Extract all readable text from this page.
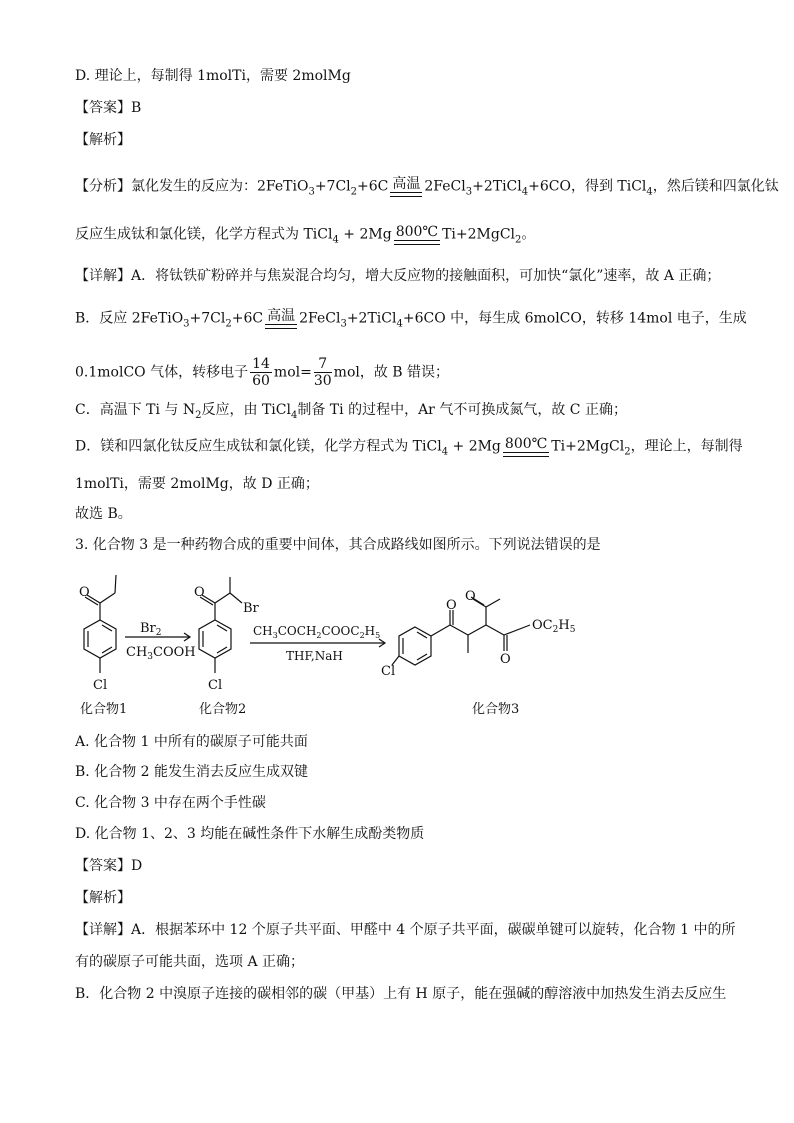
D. 理论上，每制得 1molTi，需要 2molMg
【答案】B
【解析】
【分析】氯化发生的反应为：$2FeTiO_3+7Cl_2+6C$ 高温 2FeCl$_3$+2TiCl$_4$+6CO，得到 TiCl$_4$，然后镁和四氯化钛
反应生成钛和氯化镁，化学方程式为 TiCl$_4$ + 2Mg 800℃ Ti+2MgCl$_2$。
【详解】A．将钛铁矿粉碎并与焦炭混合均匀，增大反应物的接触面积，可加快“氯化”速率，故 A 正确；
B．反应 $2FeTiO_3+7Cl_2+6C$ 高温 2FeCl$_3$+2TiCl$_4$+6CO 中，每生成 6molCO，转移 14mol 电子，生成
0.1molCO 气体，转移电子 $\frac{14}{60} mol= \frac{7}{30}$ mol，故 B 错误；
C．高温下 Ti 与 $N_2$反应，由 TiCl$_4$制备 Ti 的过程中，Ar 气不可换成氮气，故 C 正确；
D．镁和四氯化钛反应生成钛和氯化镁，化学方程式为 TiCl$_4$ + 2Mg 800℃ Ti+2MgCl$_2$，理论上，每制得
1molTi，需要 2molMg，故 D 正确；
故选 B。
3. 化合物 3 是一种药物合成的重要中间体，其合成路线如图所示。下列说法错误的是
O	O
Br
Cl	Cl
Cl
O
O
O
$OC_2H_5$
$Br_2$
$CH_3COOH$
$CH_3COCH_2COOC_2H_5$
THF,NaH
化合物1	化合物2	化合物3
A. 化合物 1 中所有的碳原子可能共面
B. 化合物 2 能发生消去反应生成双键
C. 化合物 3 中存在两个手性碳
D. 化合物 1、2、3 均能在碱性条件下水解生成酚类物质
【答案】D
【解析】
【详解】A．根据苯环中 12 个原子共平面、甲醛中 4 个原子共平面，碳碳单键可以旋转，化合物 1 中的所
有的碳原子可能共面，选项 A 正确；
B．化合物 2 中溴原子连接的碳相邻的碳（甲基）上有 H 原子，能在强碱的醇溶液中加热发生消去反应生
